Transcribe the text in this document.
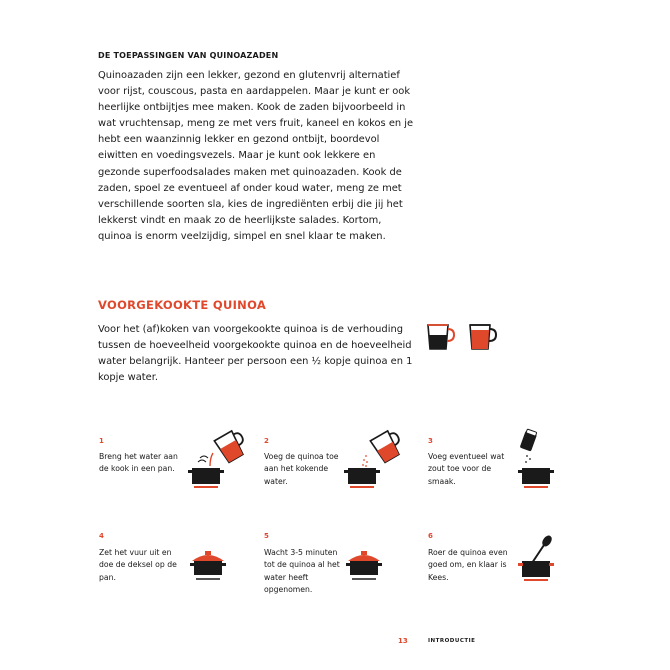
DE TOEPASSINGEN VAN QUINOAZADEN
Quinoazaden zijn een lekker, gezond en glutenvrij alternatief voor rijst, couscous, pasta en aardappelen. Maar je kunt er ook heerlijke ontbijtjes mee maken. Kook de zaden bijvoorbeeld in wat vruchtensap, meng ze met vers fruit, kaneel en kokos en je hebt een waanzinnig lekker en gezond ontbijt, boordevol eiwitten en voedingsvezels. Maar je kunt ook lekkere en gezonde superfoodsalades maken met quinoazaden. Kook de zaden, spoel ze eventueel af onder koud water, meng ze met verschillende soorten sla, kies de ingrediënten erbij die jij het lekkerst vindt en maak zo de heerlijkste salades. Kortom, quinoa is enorm veelzijdig, simpel en snel klaar te maken.
VOORGEKOOKTE QUINOA
Voor het (af)koken van voorgekookte quinoa is de verhouding tussen de hoeveelheid voorgekookte quinoa en de hoeveelheid water belangrijk. Hanteer per persoon een ½ kopje quinoa en 1 kopje water.
1
Breng het water aan de kook in een pan.
2
Voeg de quinoa toe aan het kokende water.
3
Voeg eventueel wat zout toe voor de smaak.
4
Zet het vuur uit en doe de deksel op de pan.
5
Wacht 3-5 minuten tot de quinoa al het water heeft opgenomen.
6
Roer de quinoa even goed om, en klaar is Kees.
13	INTRODUCTIE
